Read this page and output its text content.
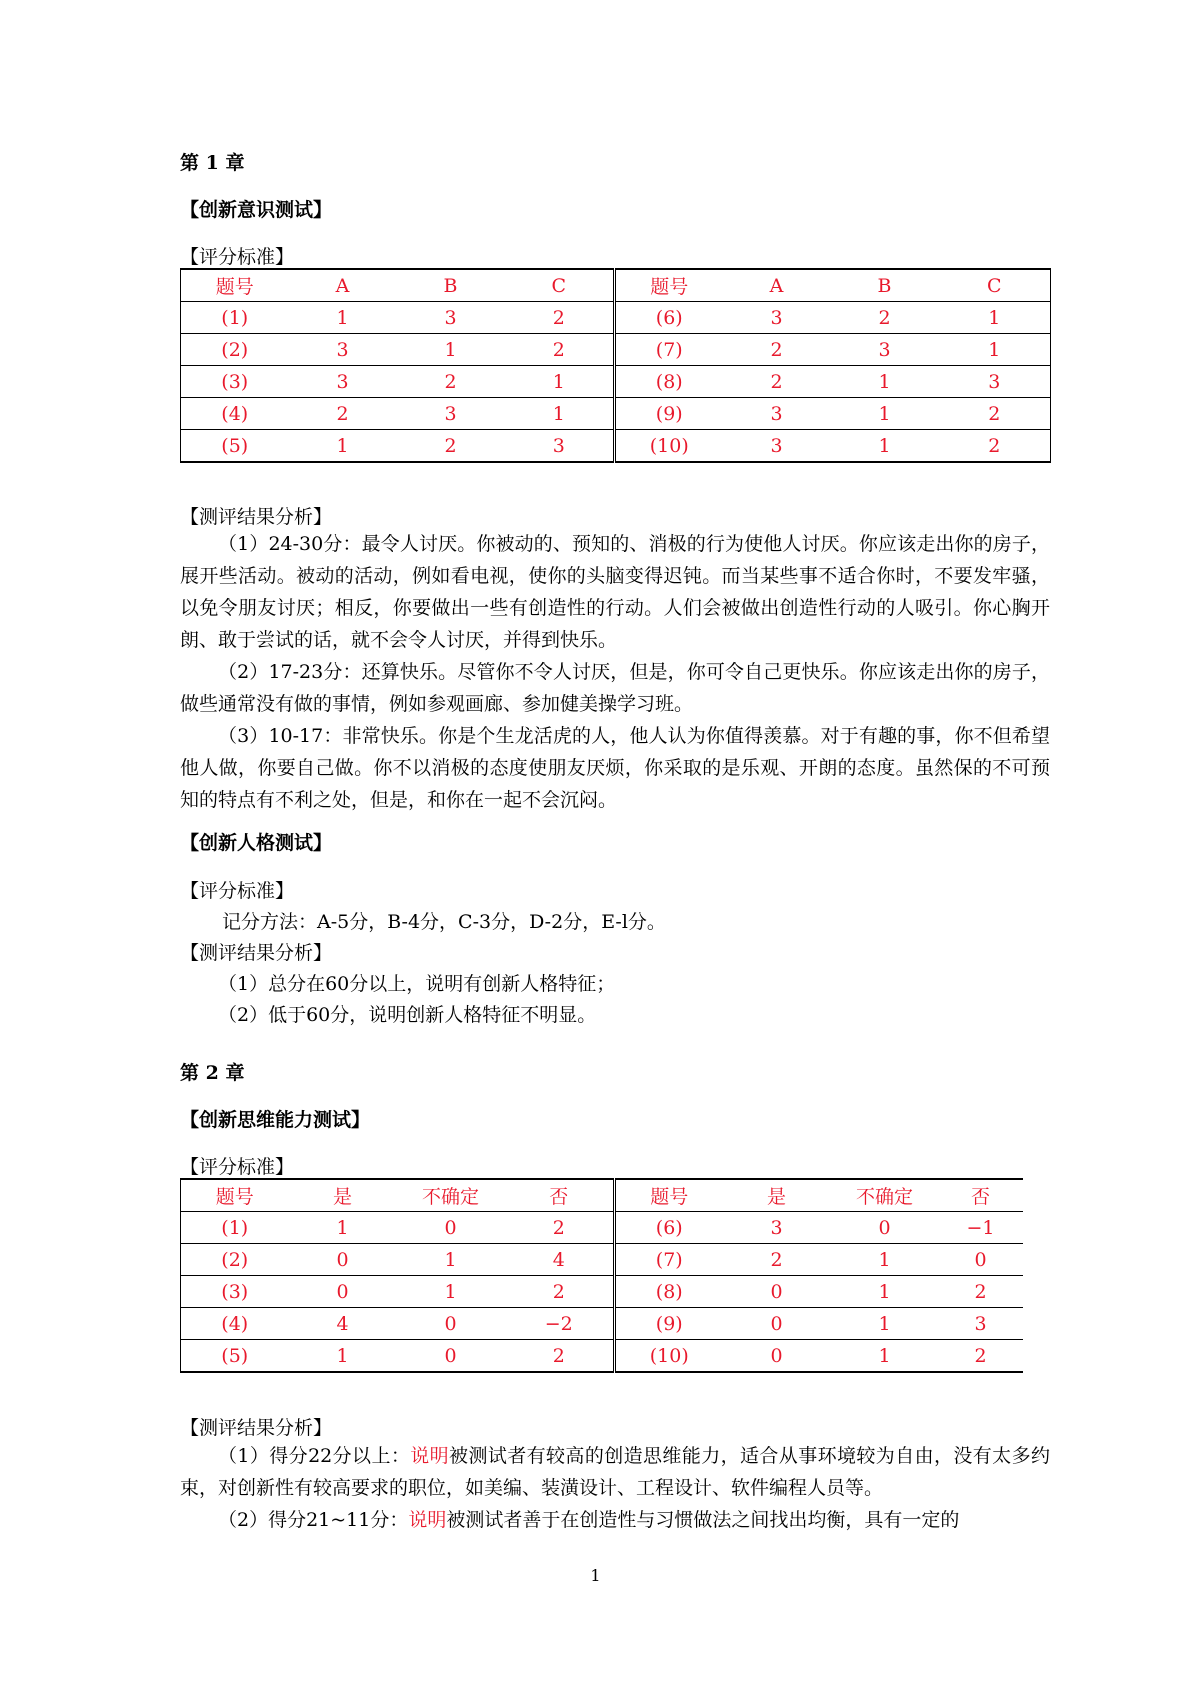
第 1 章
【创新意识测试】
【评分标准】
题号	A	B	C	题号	A	B	C
(1)	1	3	2	(6)	3	2	1
(2)	3	1	2	(7)	2	3	1
(3)	3	2	1	(8)	2	1	3
(4)	2	3	1	(9)	3	1	2
(5)	1	2	3	(10)	3	1	2
【测评结果分析】

（1）24-30分：最令人讨厌。你被动的、预知的、消极的行为使他人讨厌。你应该走出你的房子，展开些活动。被动的活动，例如看电视，使你的头脑变得迟钝。而当某些事不适合你时，不要发牢骚，以免令朋友讨厌；相反，你要做出一些有创造性的行动。人们会被做出创造性行动的人吸引。你心胸开朗、敢于尝试的话，就不会令人讨厌，并得到快乐。

（2）17-23分：还算快乐。尽管你不令人讨厌，但是，你可令自己更快乐。你应该走出你的房子，做些通常没有做的事情，例如参观画廊、参加健美操学习班。

（3）10-17：非常快乐。你是个生龙活虎的人，他人认为你值得羡慕。对于有趣的事，你不但希望他人做，你要自己做。你不以消极的态度使朋友厌烦，你采取的是乐观、开朗的态度。虽然保的不可预知的特点有不利之处，但是，和你在一起不会沉闷。

【创新人格测试】
【评分标准】
记分方法：A-5分，B-4分，C-3分，D-2分，E-l分。
【测评结果分析】
（1）总分在60分以上，说明有创新人格特征；
（2）低于60分，说明创新人格特征不明显。
第 2 章
【创新思维能力测试】
【评分标准】
题号	是	不确定	否	题号	是	不确定	否
(1)	1	0	2	(6)	3	0	−1
(2)	0	1	4	(7)	2	1	0
(3)	0	1	2	(8)	0	1	2
(4)	4	0	−2	(9)	0	1	3
(5)	1	0	2	(10)	0	1	2
【测评结果分析】

（1）得分22分以上：说明被测试者有较高的创造思维能力，适合从事环境较为自由，没有太多约束，对创新性有较高要求的职位，如美编、装潢设计、工程设计、软件编程人员等。

（2）得分21~11分：说明被测试者善于在创造性与习惯做法之间找出均衡，具有一定的

1
